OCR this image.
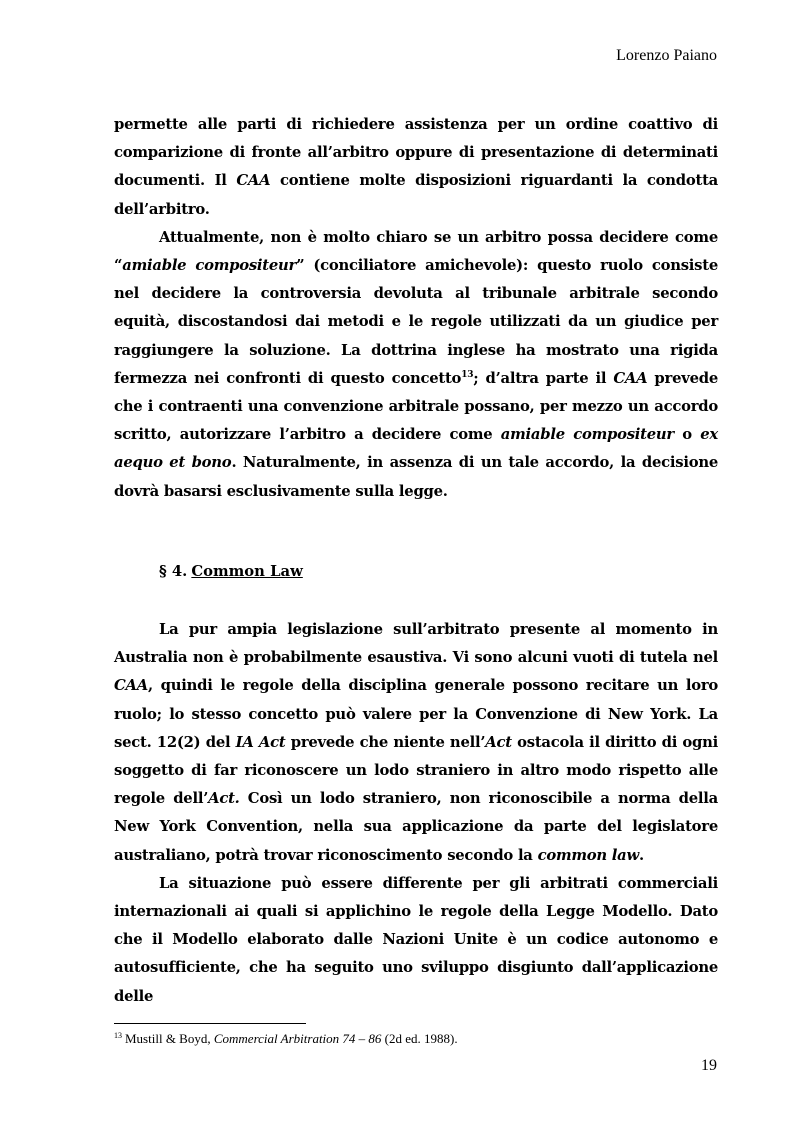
Lorenzo Paiano

permette alle parti di richiedere assistenza per un ordine coattivo di comparizione di fronte all’arbitro oppure di presentazione di determinati documenti. Il CAA contiene molte disposizioni riguardanti la condotta dell’arbitro.

Attualmente, non è molto chiaro se un arbitro possa decidere come “amiable compositeur” (conciliatore amichevole): questo ruolo consiste nel decidere la controversia devoluta al tribunale arbitrale secondo equità, discostandosi dai metodi e le regole utilizzati da un giudice per raggiungere la soluzione. La dottrina inglese ha mostrato una rigida fermezza nei confronti di questo concetto$^{13}$; d’altra parte il CAA prevede che i contraenti una convenzione arbitrale possano, per mezzo un accordo scritto, autorizzare l’arbitro a decidere come amiable compositeur o ex aequo et bono. Naturalmente, in assenza di un tale accordo, la decisione dovrà basarsi esclusivamente sulla legge.

§ 4. Common Law

La pur ampia legislazione sull’arbitrato presente al momento in Australia non è probabilmente esaustiva. Vi sono alcuni vuoti di tutela nel CAA, quindi le regole della disciplina generale possono recitare un loro ruolo; lo stesso concetto può valere per la Convenzione di New York. La sect. 12(2) del IA Act prevede che niente nell’Act ostacola il diritto di ogni soggetto di far riconoscere un lodo straniero in altro modo rispetto alle regole dell’Act. Così un lodo straniero, non riconoscibile a norma della New York Convention, nella sua applicazione da parte del legislatore australiano, potrà trovar riconoscimento secondo la common law.

La situazione può essere differente per gli arbitrati commerciali internazionali ai quali si applichino le regole della Legge Modello. Dato che il Modello elaborato dalle Nazioni Unite è un codice autonomo e autosufficiente, che ha seguito uno sviluppo disgiunto dall’applicazione delle

$^{13}$ Mustill & Boyd, Commercial Arbitration 74 – 86 (2d ed. 1988).
19
